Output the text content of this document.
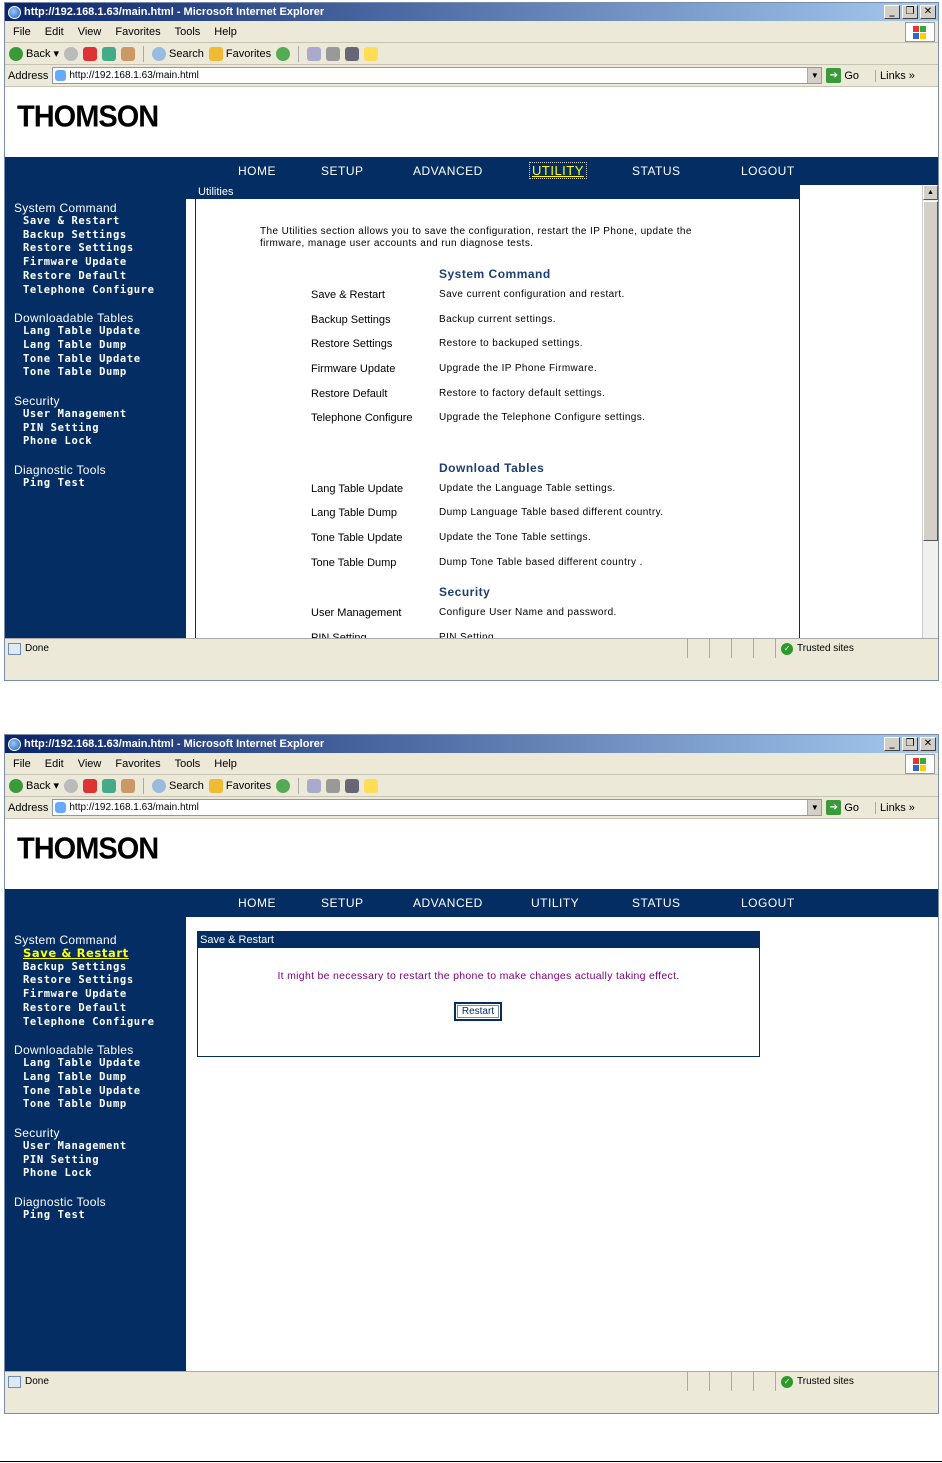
http://192.168.1.63/main.html - Microsoft Internet Explorer	_	❐ ✕
File Edit View Favorites Tools Help
Back ▾	Search Favorites
Address http://192.168.1.63/main.html	▼	➔ Go	Links »
THOMSON
HOME	SETUP	ADVANCED	UTILITY	STATUS	LOGOUT
System Command
Save & Restart
Backup Settings
Restore Settings
Firmware Update
Restore Default
Telephone Configure
Downloadable Tables
Lang Table Update
Lang Table Dump
Tone Table Update
Tone Table Dump
Security
User Management
PIN Setting
Phone Lock
Diagnostic Tools
Ping Test
Utilities
The Utilities section allows you to save the configuration, restart the IP Phone, update the
firmware, manage user accounts and run diagnose tests.
System Command
Save & Restart	Save current configuration and restart.
Backup Settings	Backup current settings.
Restore Settings	Restore to backuped settings.
Firmware Update	Upgrade the IP Phone Firmware.
Restore Default	Restore to factory default settings.
Telephone Configure	Upgrade the Telephone Configure settings.
Download Tables
Lang Table Update	Update the Language Table settings.
Lang Table Dump	Dump Language Table based different country.
Tone Table Update	Update the Tone Table settings.
Tone Table Dump	Dump Tone Table based different country .
Security
User Management	Configure User Name and password.
▲
Done	✓ Trusted sites
http://192.168.1.63/main.html - Microsoft Internet Explorer	_	❐ ✕
File Edit View Favorites Tools Help
Back ▾	Search Favorites
Address http://192.168.1.63/main.html	▼	➔ Go	Links »
THOMSON
HOME	SETUP	ADVANCED	UTILITY	STATUS	LOGOUT
System Command
Save & Restart
Backup Settings
Restore Settings
Firmware Update
Restore Default
Telephone Configure
Downloadable Tables
Lang Table Update
Lang Table Dump
Tone Table Update
Tone Table Dump
Security
User Management
PIN Setting
Phone Lock
Diagnostic Tools
Ping Test
Save & Restart
It might be necessary to restart the phone to make changes actually taking effect.
Restart
Done	✓ Trusted sites
